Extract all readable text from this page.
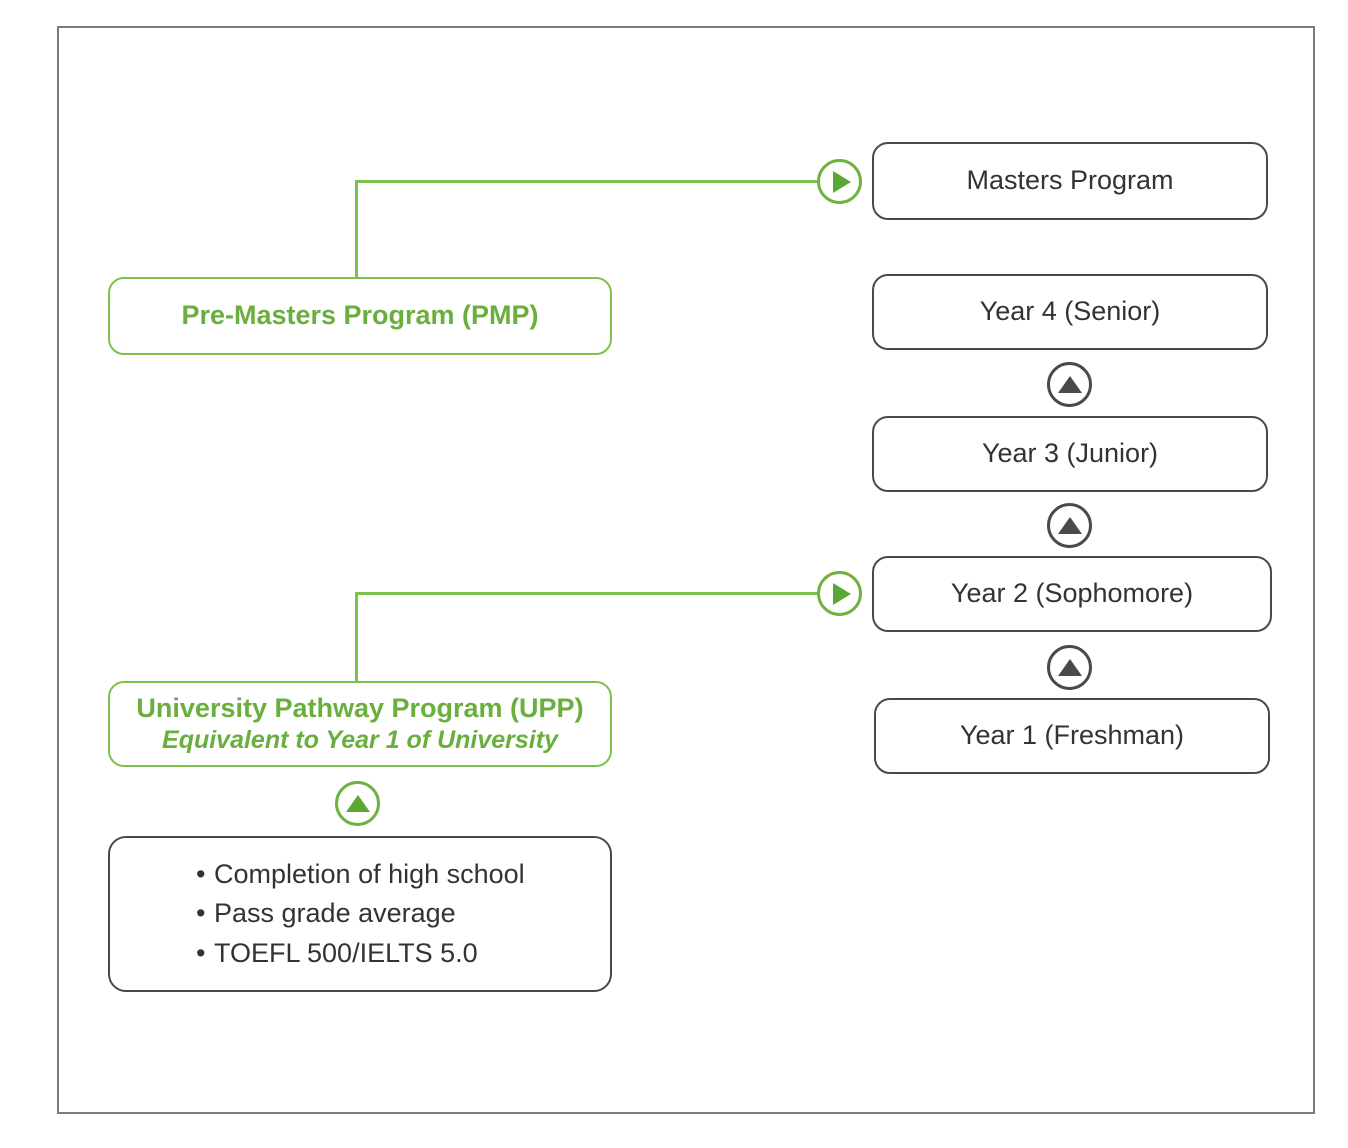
Masters Program
Year 4 (Senior)
Year 3 (Junior)
Year 2 (Sophomore)
Year 1 (Freshman)
Pre-Masters Program (PMP)
University Pathway Program (UPP)
Equivalent to Year 1 of University
• Completion of high school
• Pass grade average
• TOEFL 500/IELTS 5.0
